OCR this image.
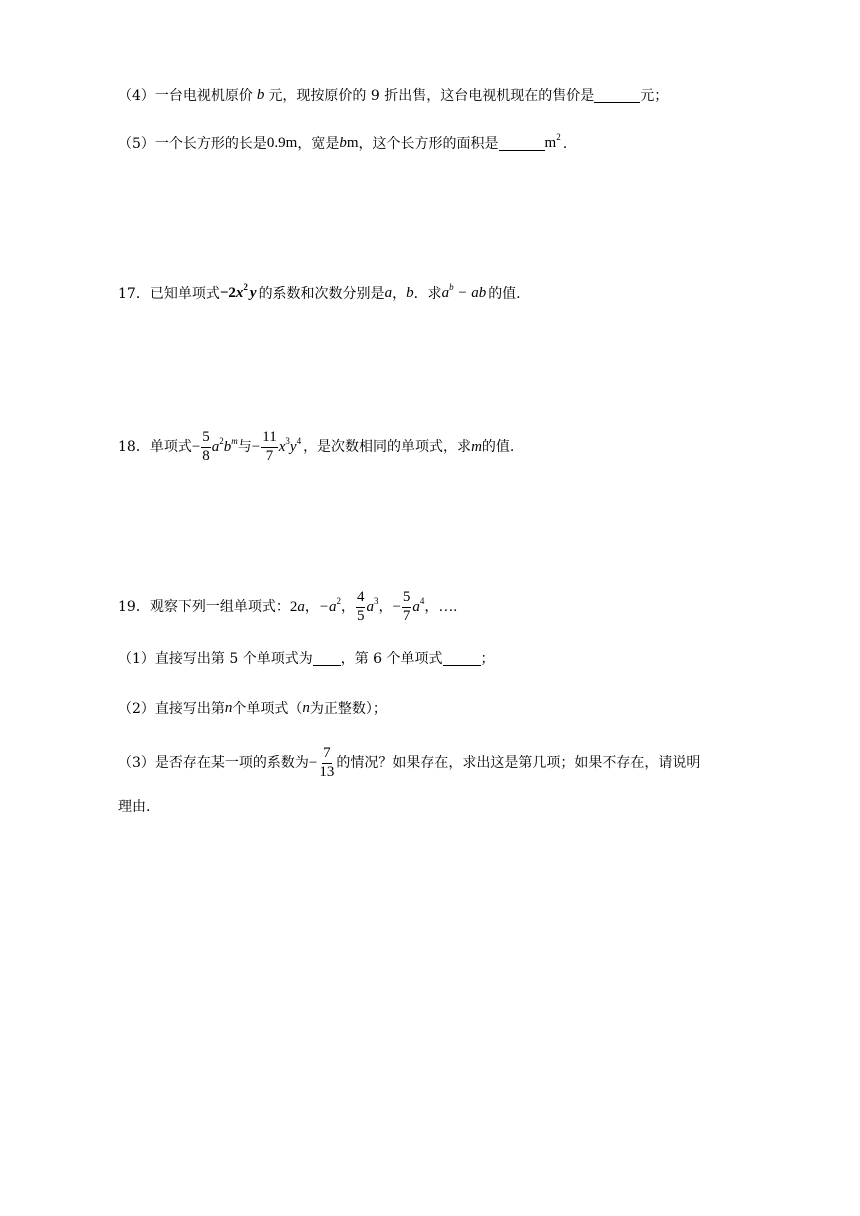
（4）一台电视机原价 b 元，现按原价的 9 折出售，这台电视机现在的售价是	元；
（5）一个长方形的长是 0.9m ，宽是 b m ，这个长方形的面积是	$m^2$ .
17． 已知单项式 $-2x^2$ y 的系数和次数分别是 a ， b ．求 $a^b$ − ab 的值.
18． 单项式 − $\frac{5}{8} a^2b^m$ 与 − $\frac{11}{7} x^3y^4$ ，是次数相同的单项式，求 m 的值.
19． 观察下列一组单项式： 2a ， $-a^2$ ， $\frac{4}{5} a^3$ ， − $\frac{5}{7} a^4$ ， … .
（1）直接写出第 5 个单项式为 ，第 6 个单项式	；
（2）直接写出第 n 个单项式（ n 为正整数）；
（3）是否存在某一项的系数为 − $\frac{7}{13}$ 的情况？如果存在，求出这是第几项；如果不存在，请说明
理由.
